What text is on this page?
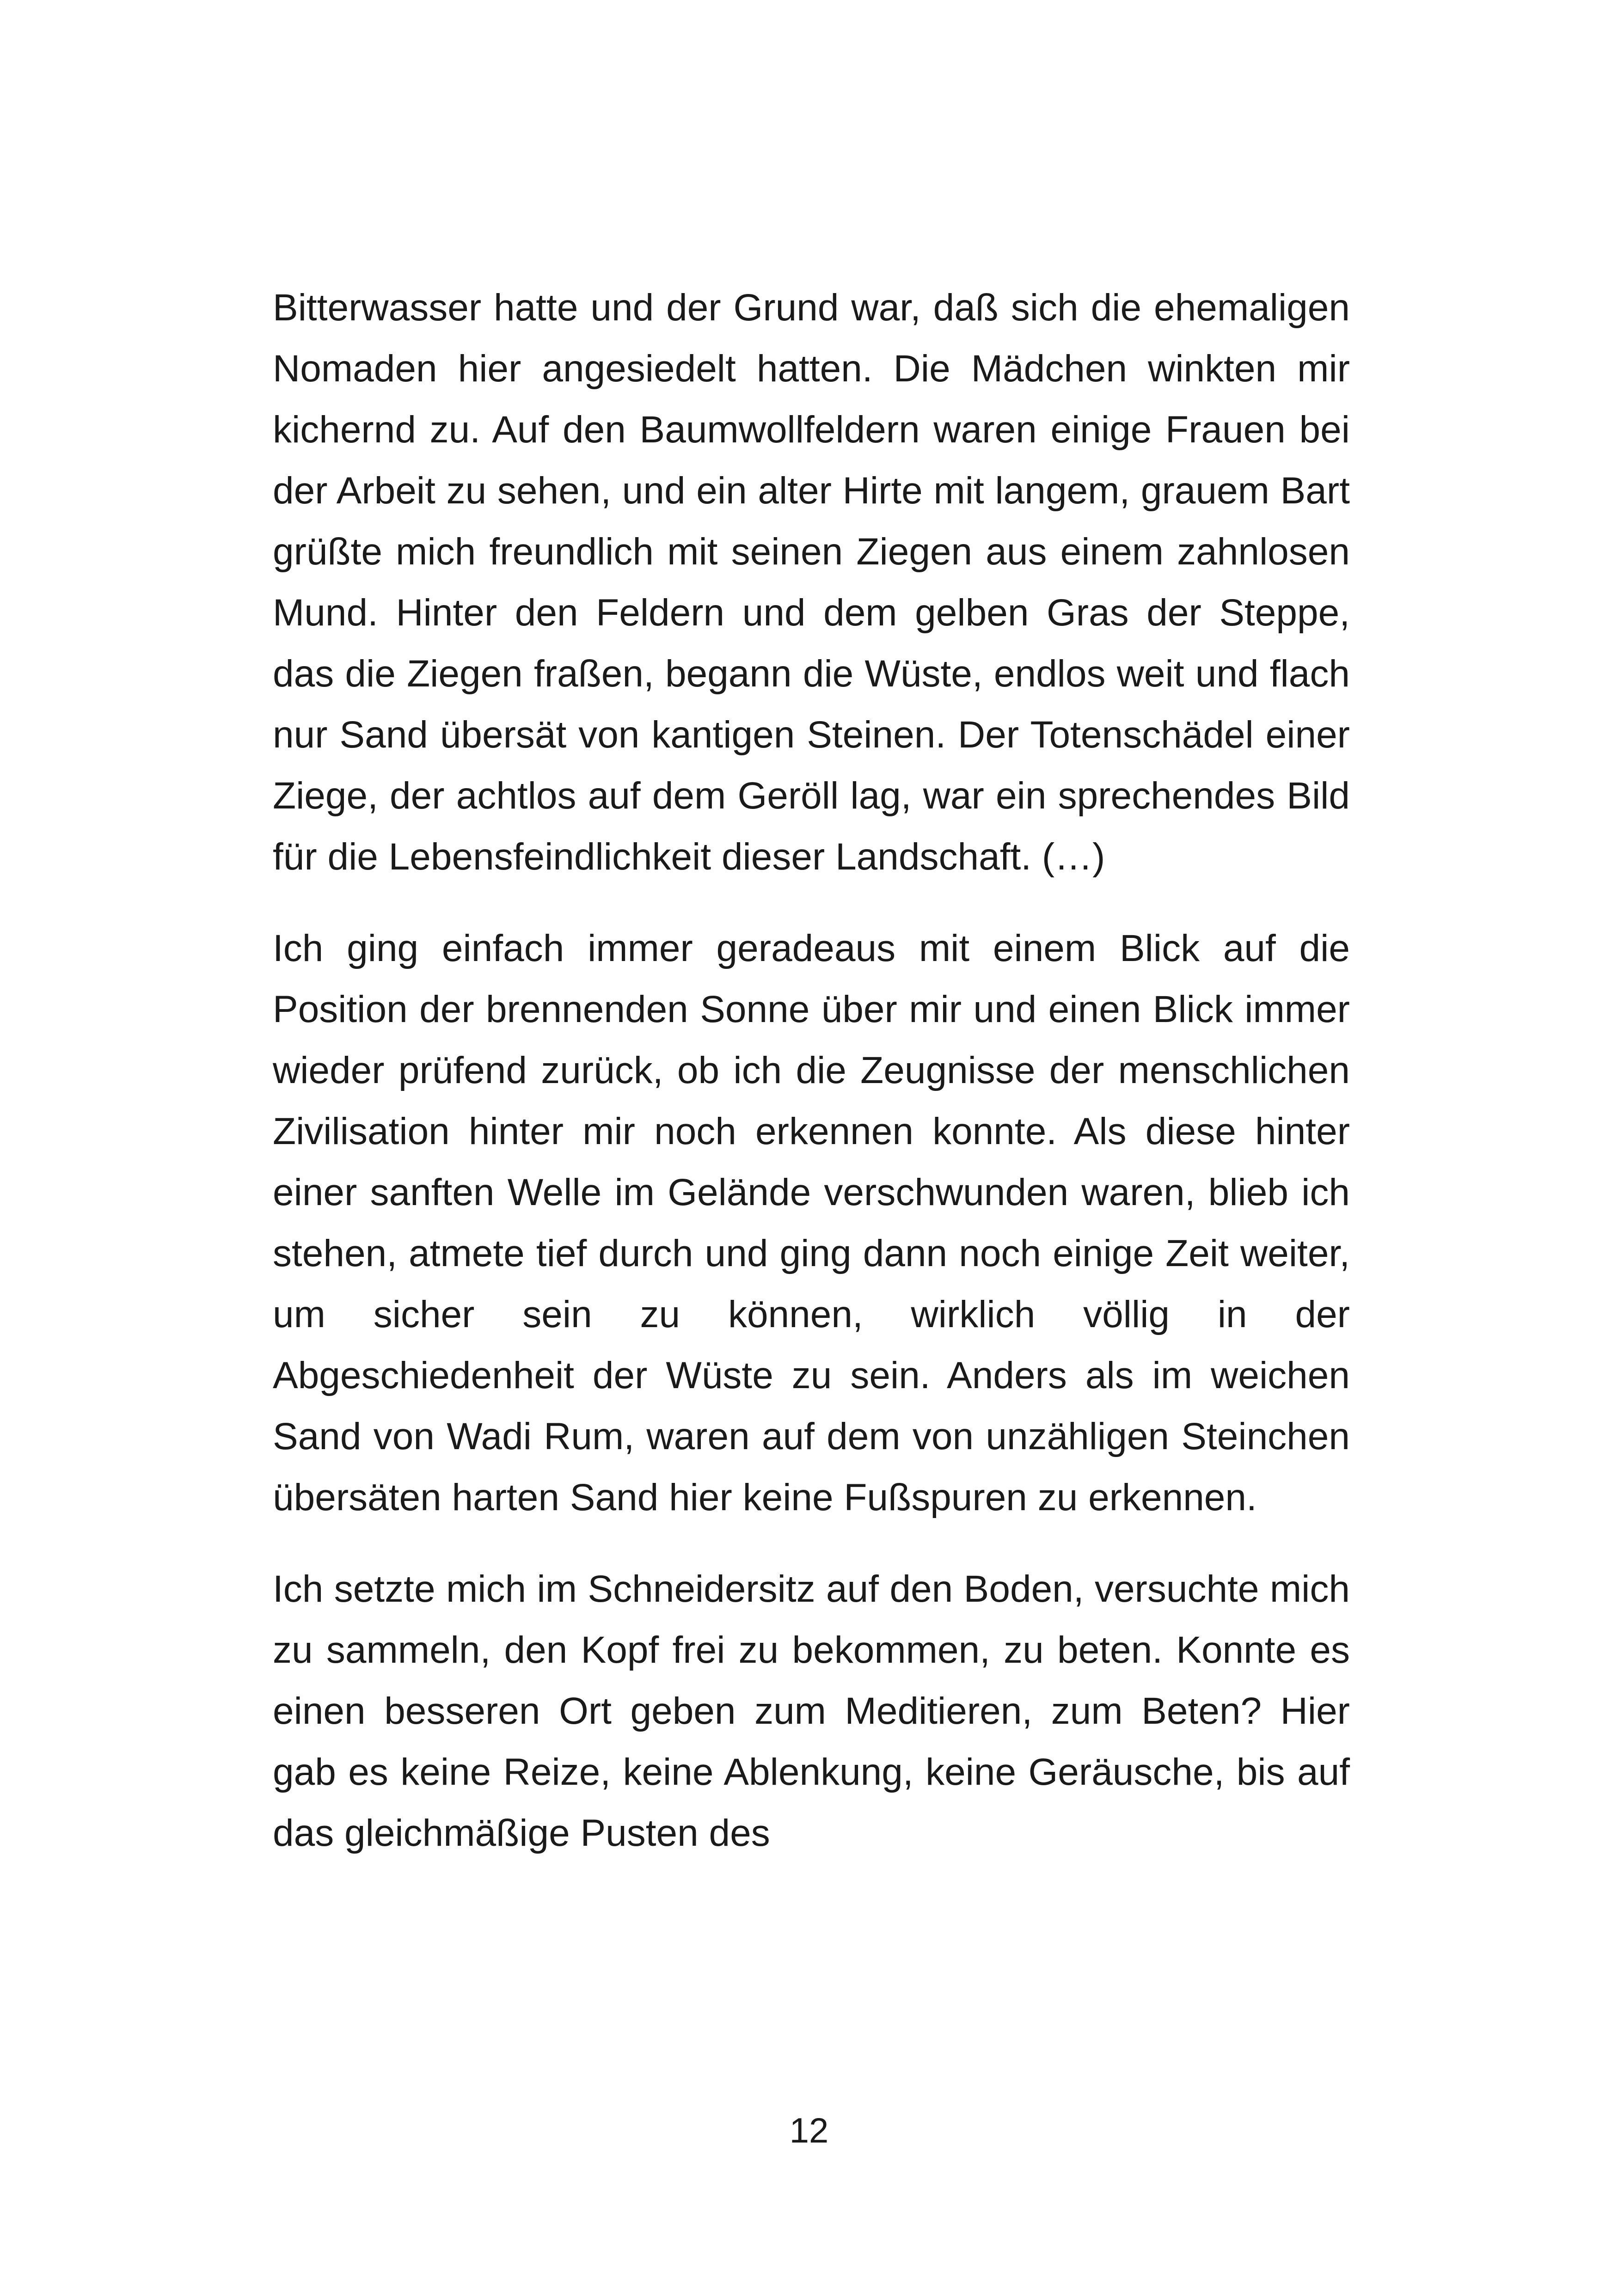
Bitterwasser hatte und der Grund war, daß sich die ehemaligen Nomaden hier angesiedelt hatten. Die Mädchen winkten mir kichernd zu. Auf den Baumwollfeldern waren einige Frauen bei der Arbeit zu sehen, und ein alter Hirte mit langem, grauem Bart grüßte mich freundlich mit seinen Ziegen aus einem zahnlosen Mund. Hinter den Feldern und dem gelben Gras der Steppe, das die Ziegen fraßen, begann die Wüste, endlos weit und flach nur Sand übersät von kantigen Steinen. Der Totenschädel einer Ziege, der achtlos auf dem Geröll lag, war ein sprechendes Bild für die Lebensfeindlichkeit dieser Landschaft. (…)

Ich ging einfach immer geradeaus mit einem Blick auf die Position der brennenden Sonne über mir und einen Blick immer wieder prüfend zurück, ob ich die Zeugnisse der menschlichen Zivilisation hinter mir noch erkennen konnte. Als diese hinter einer sanften Welle im Gelände verschwunden waren, blieb ich stehen, atmete tief durch und ging dann noch einige Zeit weiter, um sicher sein zu können, wirklich völlig in der Abgeschiedenheit der Wüste zu sein. Anders als im weichen Sand von Wadi Rum, waren auf dem von unzähligen Steinchen übersäten harten Sand hier keine Fußspuren zu erkennen.

Ich setzte mich im Schneidersitz auf den Boden, versuchte mich zu sammeln, den Kopf frei zu bekommen, zu beten. Konnte es einen besseren Ort geben zum Meditieren, zum Beten? Hier gab es keine Reize, keine Ablenkung, keine Geräusche, bis auf das gleichmäßige Pusten des

12
